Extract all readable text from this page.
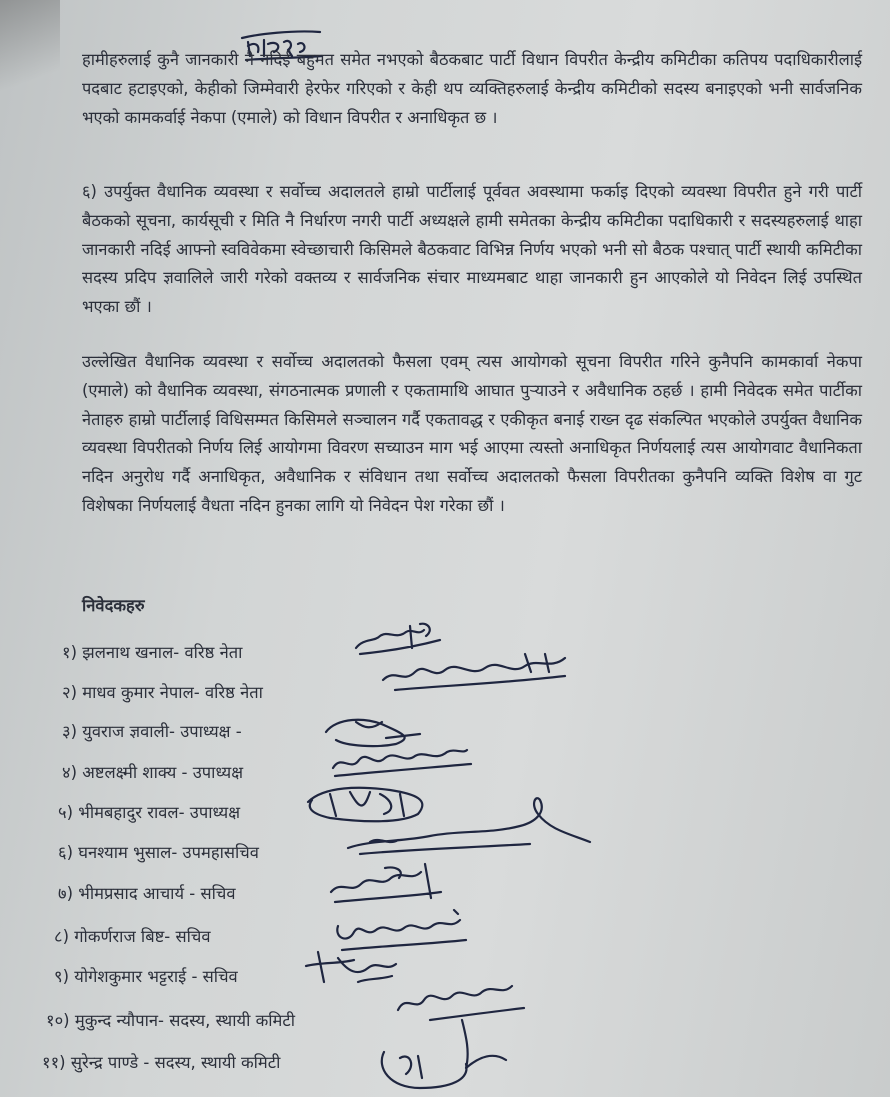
हामीहरुलाई कुनै जानकारी नै नदिई बहुमत समेत नभएको बैठकबाट पार्टी विधान विपरीत केन्द्रीय कमिटीका कतिपय पदाधिकारीलाई पदबाट हटाइएको, केहीको जिम्मेवारी हेरफेर गरिएको र केही थप व्यक्तिहरुलाई केन्द्रीय कमिटीको सदस्य बनाइएको भनी सार्वजनिक भएको कामकर्वाई नेकपा (एमाले) को विधान विपरीत र अनाधिकृत छ ।

६) उपर्युक्त वैधानिक व्यवस्था र सर्वोच्च अदालतले हाम्रो पार्टीलाई पूर्ववत अवस्थामा फर्काइ दिएको व्यवस्था विपरीत हुने गरी पार्टी बैठकको सूचना, कार्यसूची र मिति नै निर्धारण नगरी पार्टी अध्यक्षले हामी समेतका केन्द्रीय कमिटीका पदाधिकारी र सदस्यहरुलाई थाहा जानकारी नदिई आफ्नो स्वविवेकमा स्वेच्छाचारी किसिमले बैठकवाट विभिन्न निर्णय भएको भनी सो बैठक पश्चात् पार्टी स्थायी कमिटीका सदस्य प्रदिप ज्ञवालिले जारी गरेको वक्तव्य र सार्वजनिक संचार माध्यमबाट थाहा जानकारी हुन आएकोले यो निवेदन लिई उपस्थित भएका छौं ।

उल्लेखित वैधानिक व्यवस्था र सर्वोच्च अदालतको फैसला एवम् त्यस आयोगको सूचना विपरीत गरिने कुनैपनि कामकार्वा नेकपा (एमाले) को वैधानिक व्यवस्था, संगठनात्मक प्रणाली र एकतामाथि आघात पुर्‍याउने र अवैधानिक ठहर्छ । हामी निवेदक समेत पार्टीका नेताहरु हाम्रो पार्टीलाई विधिसम्मत किसिमले सञ्चालन गर्दै एकतावद्ध र एकीकृत बनाई राख्न दृढ संकल्पित भएकोले उपर्युक्त वैधानिक व्यवस्था विपरीतको निर्णय लिई आयोगमा विवरण सच्याउन माग भई आएमा त्यस्तो अनाधिकृत निर्णयलाई त्यस आयोगवाट वैधानिकता नदिन अनुरोध गर्दै अनाधिकृत, अवैधानिक र संविधान तथा सर्वोच्च अदालतको फैसला विपरीतका कुनैपनि व्यक्ति विशेष वा गुट विशेषका निर्णयलाई वैधता नदिन हुनका लागि यो निवेदन पेश गरेका छौं ।

निवेदकहरु

१) झलनाथ खनाल- वरिष्ठ नेता
२) माधव कुमार नेपाल- वरिष्ठ नेता
३) युवराज ज्ञवाली- उपाध्यक्ष -
४) अष्टलक्ष्मी शाक्य - उपाध्यक्ष
५) भीमबहादुर रावल- उपाध्यक्ष
६) घनश्याम भुसाल- उपमहासचिव
७) भीमप्रसाद आचार्य - सचिव
८) गोकर्णराज बिष्ट- सचिव
९) योगेशकुमार भट्टराई - सचिव
१०) मुकुन्द न्यौपान- सदस्य, स्थायी कमिटी
११) सुरेन्द्र पाण्डे - सदस्य, स्थायी कमिटी
